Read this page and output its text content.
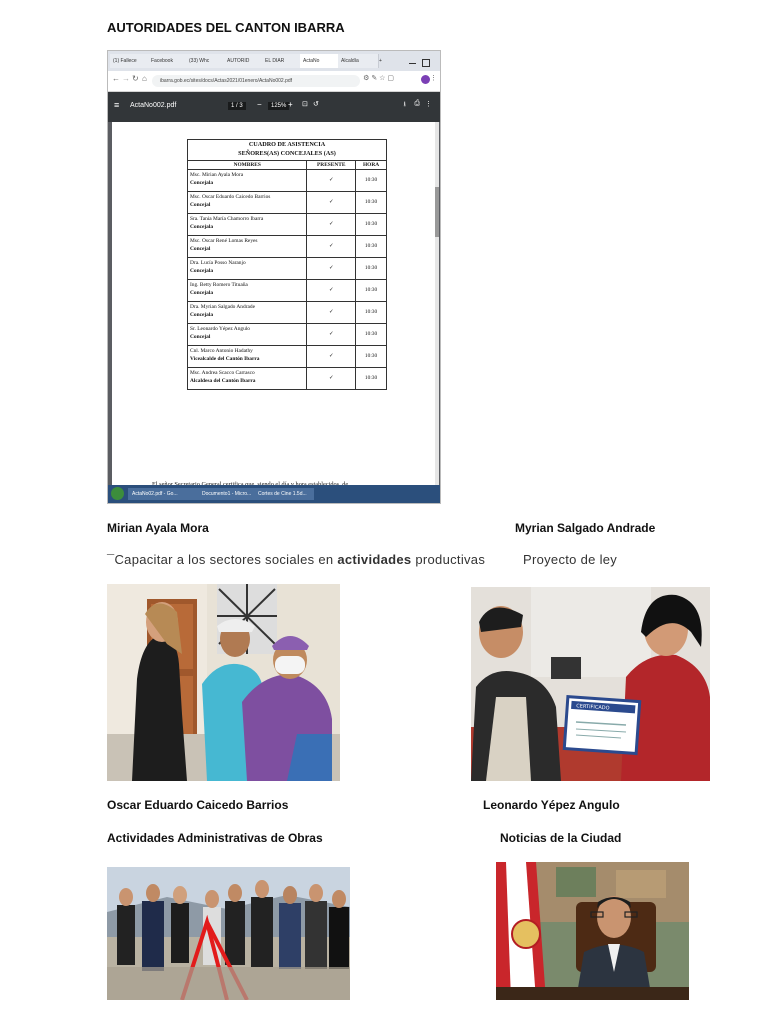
AUTORIDADES DEL CANTON IBARRA
(1) Fallece	Facebook	(33) Whc	AUTORID	EL DIAR	ActaNo	Alcaldía	+

← → ↻ ⌂	ibarra.gob.ec/sites/docs/Actas2021/01enero/ActaNo002.pdf	⚙ ✎ ☆ ▢	⋮
≡ ActaNo002.pdf	1 / 3	−	125% + ⊡ ↺	⭳ ⎙ ⋮
CUADRO DE ASISTENCIA
SEÑORES(AS) CONCEJALES (AS)		
NOMBRES	PRESENTE	HORA
Msc. Mirian Ayala Mora
Concejala	✓	10:30
Msc. Oscar Eduardo Caicedo Barrios
Concejal	✓	10:30
Sra. Tania María Chamorro Ibarra
Concejala	✓	10:30
Msc. Oscar René Lomas Reyes
Concejal	✓	10:30
Dra. Lucía Posso Naranjo
Concejala	✓	10:30
Ing. Betty Romero Tituaña
Concejala	✓	10:30
Dra. Myrian Salgado Andrade
Concejala	✓	10:30
Sr. Leonardo Yépez Angulo
Concejal	✓	10:30
Cnl. Marco Antonio Hadathy
Vicealcalde del Cantón Ibarra	✓	10:30
Msc. Andrea Scacco Carrasco
Alcaldesa del Cantón Ibarra	✓	10:30
ActaNo02.pdf - Go...	Documento1 - Micro...	Cortes de Cine 1.5d...
Mirian Ayala Mora	Myrian Salgado Andrade
¯Capacitar a los sectores sociales en actividades productivas	Proyecto de ley
CERTIFICADO
Oscar Eduardo Caicedo Barrios	Leonardo Yépez Angulo
Actividades Administrativas de Obras	Noticias de la Ciudad
